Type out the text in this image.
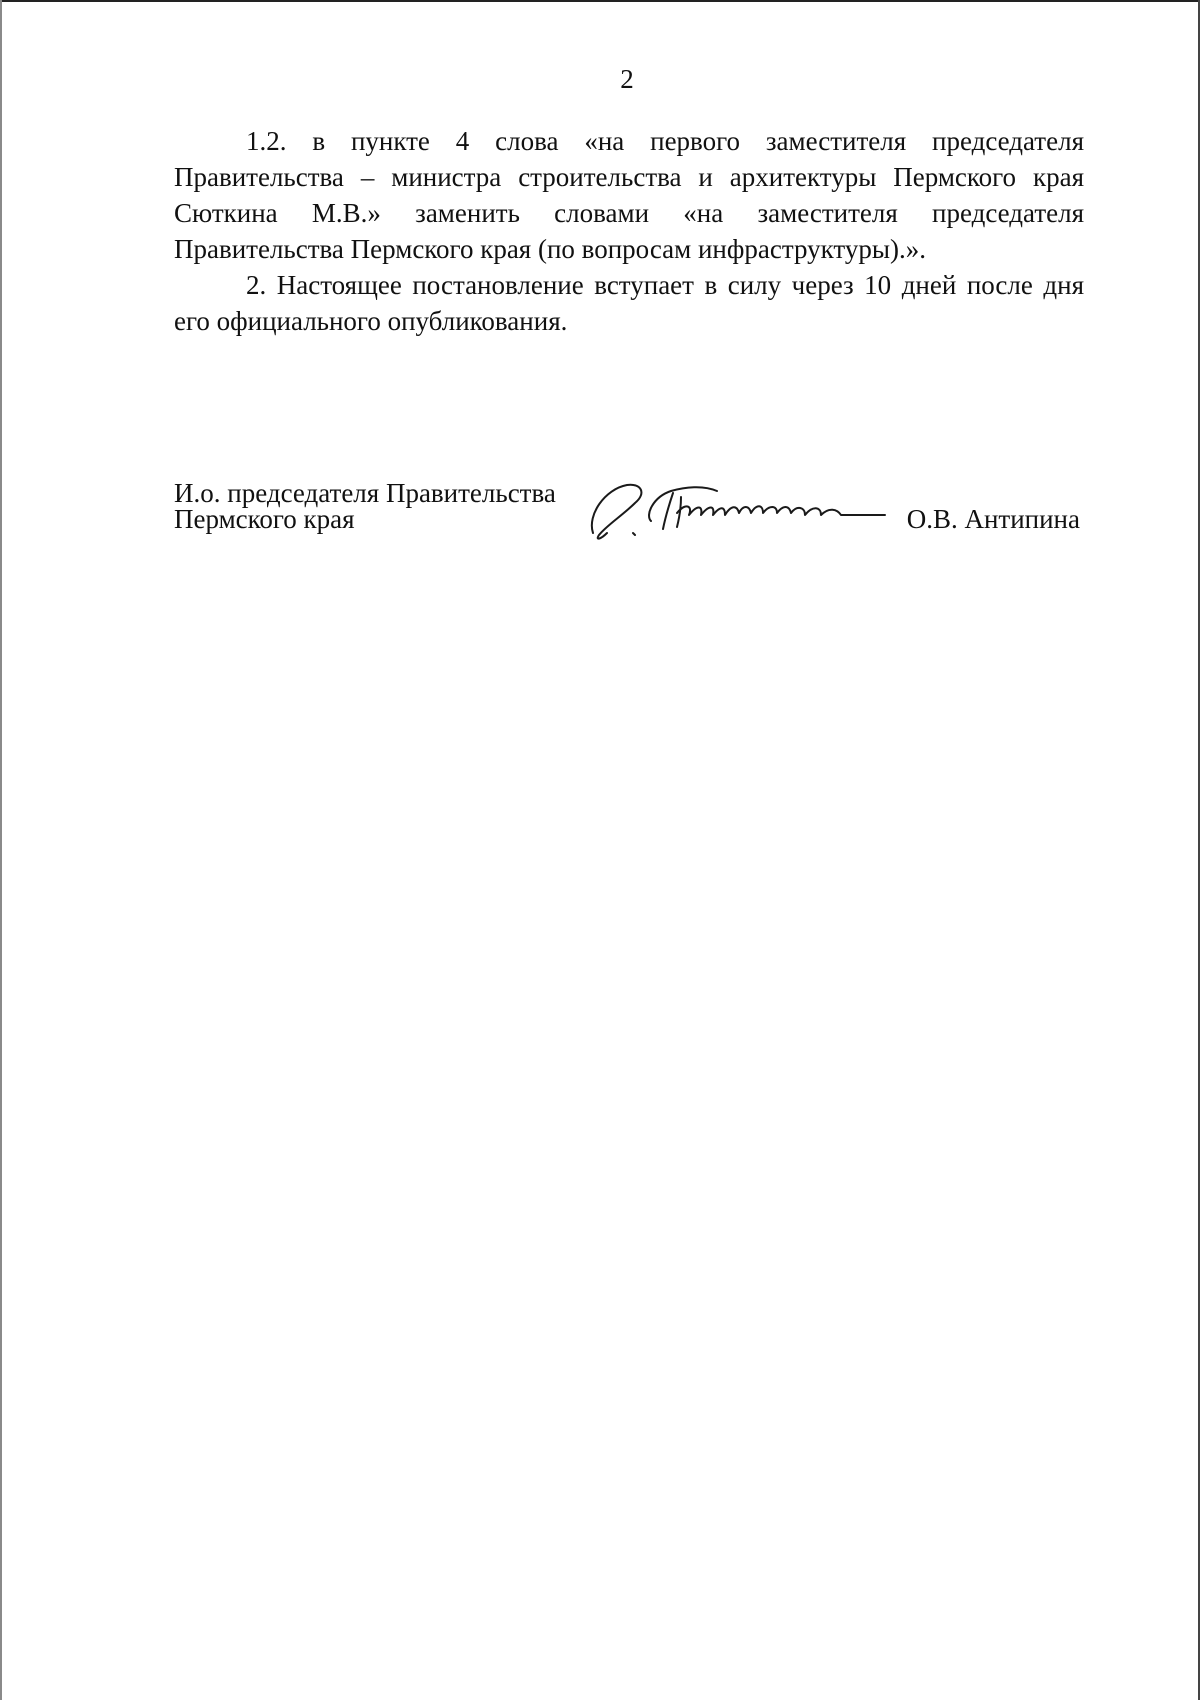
2

1.2. в пункте 4 слова «на первого заместителя председателя Правительства – министра строительства и архитектуры Пермского края Сюткина М.В.» заменить словами «на заместителя председателя Правительства Пермского края (по вопросам инфраструктуры).».

2. Настоящее постановление вступает в силу через 10 дней после дня его официального опубликования.

И.о. председателя Правительства
Пермского края	О.В. Антипина
